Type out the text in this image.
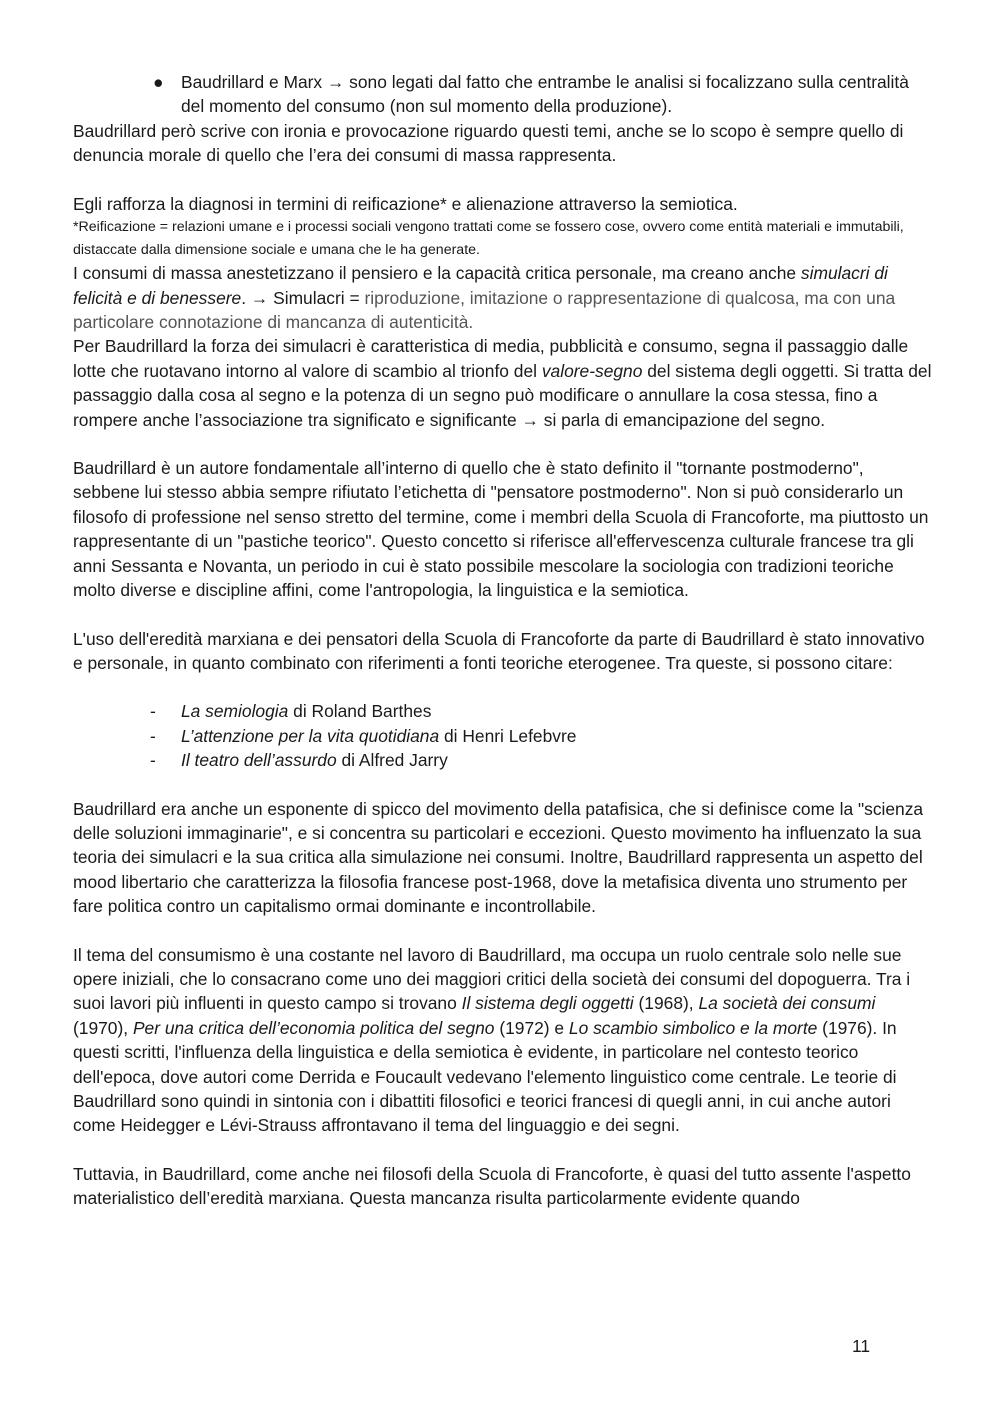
● Baudrillard e Marx → sono legati dal fatto che entrambe le analisi si focalizzano sulla centralità del momento del consumo (non sul momento della produzione).

Baudrillard però scrive con ironia e provocazione riguardo questi temi, anche se lo scopo è sempre quello di denuncia morale di quello che l’era dei consumi di massa rappresenta.

Egli rafforza la diagnosi in termini di reificazione* e alienazione attraverso la semiotica.

*Reificazione = relazioni umane e i processi sociali vengono trattati come se fossero cose, ovvero come entità materiali e immutabili, distaccate dalla dimensione sociale e umana che le ha generate.

I consumi di massa anestetizzano il pensiero e la capacità critica personale, ma creano anche simulacri di felicità e di benessere. → Simulacri = riproduzione, imitazione o rappresentazione di qualcosa, ma con una particolare connotazione di mancanza di autenticità.

Per Baudrillard la forza dei simulacri è caratteristica di media, pubblicità e consumo, segna il passaggio dalle lotte che ruotavano intorno al valore di scambio al trionfo del valore-segno del sistema degli oggetti. Si tratta del passaggio dalla cosa al segno e la potenza di un segno può modificare o annullare la cosa stessa, fino a rompere anche l’associazione tra significato e significante → si parla di emancipazione del segno.

Baudrillard è un autore fondamentale all’interno di quello che è stato definito il "tornante postmoderno", sebbene lui stesso abbia sempre rifiutato l’etichetta di "pensatore postmoderno". Non si può considerarlo un filosofo di professione nel senso stretto del termine, come i membri della Scuola di Francoforte, ma piuttosto un rappresentante di un "pastiche teorico". Questo concetto si riferisce all'effervescenza culturale francese tra gli anni Sessanta e Novanta, un periodo in cui è stato possibile mescolare la sociologia con tradizioni teoriche molto diverse e discipline affini, come l'antropologia, la linguistica e la semiotica.

L'uso dell'eredità marxiana e dei pensatori della Scuola di Francoforte da parte di Baudrillard è stato innovativo e personale, in quanto combinato con riferimenti a fonti teoriche eterogenee. Tra queste, si possono citare:

- La semiologia di Roland Barthes
- L’attenzione per la vita quotidiana di Henri Lefebvre
- Il teatro dell’assurdo di Alfred Jarry

Baudrillard era anche un esponente di spicco del movimento della patafisica, che si definisce come la "scienza delle soluzioni immaginarie", e si concentra su particolari e eccezioni. Questo movimento ha influenzato la sua teoria dei simulacri e la sua critica alla simulazione nei consumi. Inoltre, Baudrillard rappresenta un aspetto del mood libertario che caratterizza la filosofia francese post-1968, dove la metafisica diventa uno strumento per fare politica contro un capitalismo ormai dominante e incontrollabile.

Il tema del consumismo è una costante nel lavoro di Baudrillard, ma occupa un ruolo centrale solo nelle sue opere iniziali, che lo consacrano come uno dei maggiori critici della società dei consumi del dopoguerra. Tra i suoi lavori più influenti in questo campo si trovano Il sistema degli oggetti (1968), La società dei consumi (1970), Per una critica dell’economia politica del segno (1972) e Lo scambio simbolico e la morte (1976). In questi scritti, l'influenza della linguistica e della semiotica è evidente, in particolare nel contesto teorico dell'epoca, dove autori come Derrida e Foucault vedevano l'elemento linguistico come centrale. Le teorie di Baudrillard sono quindi in sintonia con i dibattiti filosofici e teorici francesi di quegli anni, in cui anche autori come Heidegger e Lévi-Strauss affrontavano il tema del linguaggio e dei segni.

Tuttavia, in Baudrillard, come anche nei filosofi della Scuola di Francoforte, è quasi del tutto assente l'aspetto materialistico dell’eredità marxiana. Questa mancanza risulta particolarmente evidente quando

11
